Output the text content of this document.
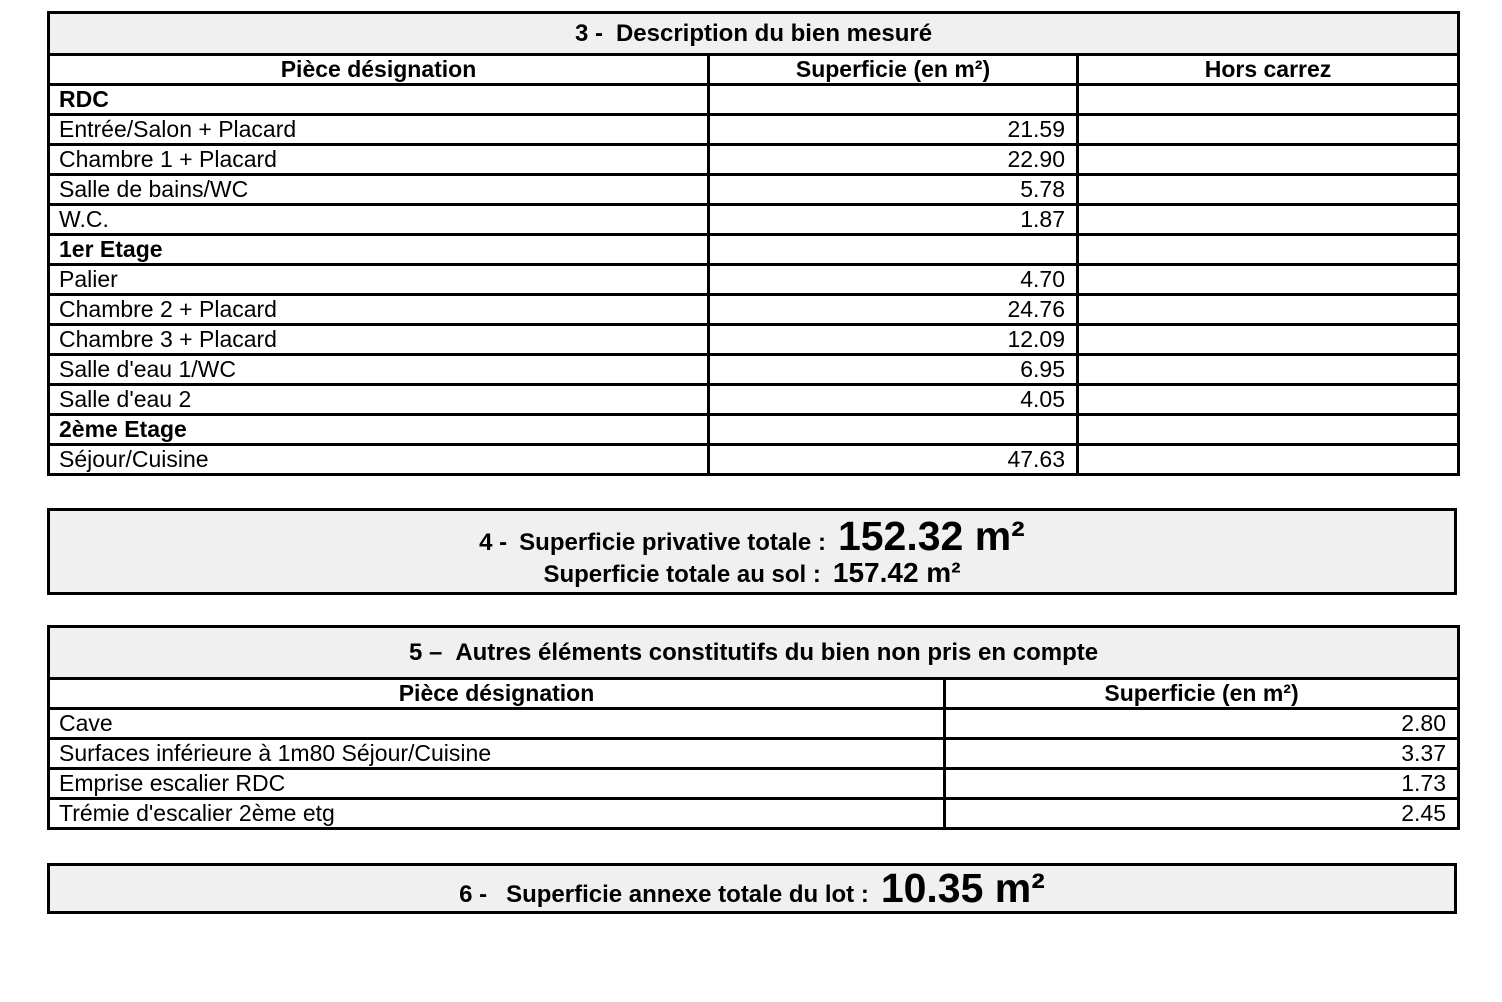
3 - Description du bien mesuré		
Pièce désignation	Superficie (en m²)	Hors carrez
RDC		
Entrée/Salon + Placard	21.59	
Chambre 1 + Placard	22.90	
Salle de bains/WC	5.78	
W.C.	1.87	
1er Etage		
Palier	4.70	
Chambre 2 + Placard	24.76	
Chambre 3 + Placard	12.09	
Salle d'eau 1/WC	6.95	
Salle d'eau 2	4.05	
2ème Etage		
Séjour/Cuisine	47.63	
4 - Superficie privative totale : 152.32 m²
Superficie totale au sol : 157.42 m²
5 – Autres éléments constitutifs du bien non pris en compte	
Pièce désignation	Superficie (en m²)
Cave	2.80
Surfaces inférieure à 1m80 Séjour/Cuisine	3.37
Emprise escalier RDC	1.73
Trémie d'escalier 2ème etg	2.45
6 - Superficie annexe totale du lot : 10.35 m²
